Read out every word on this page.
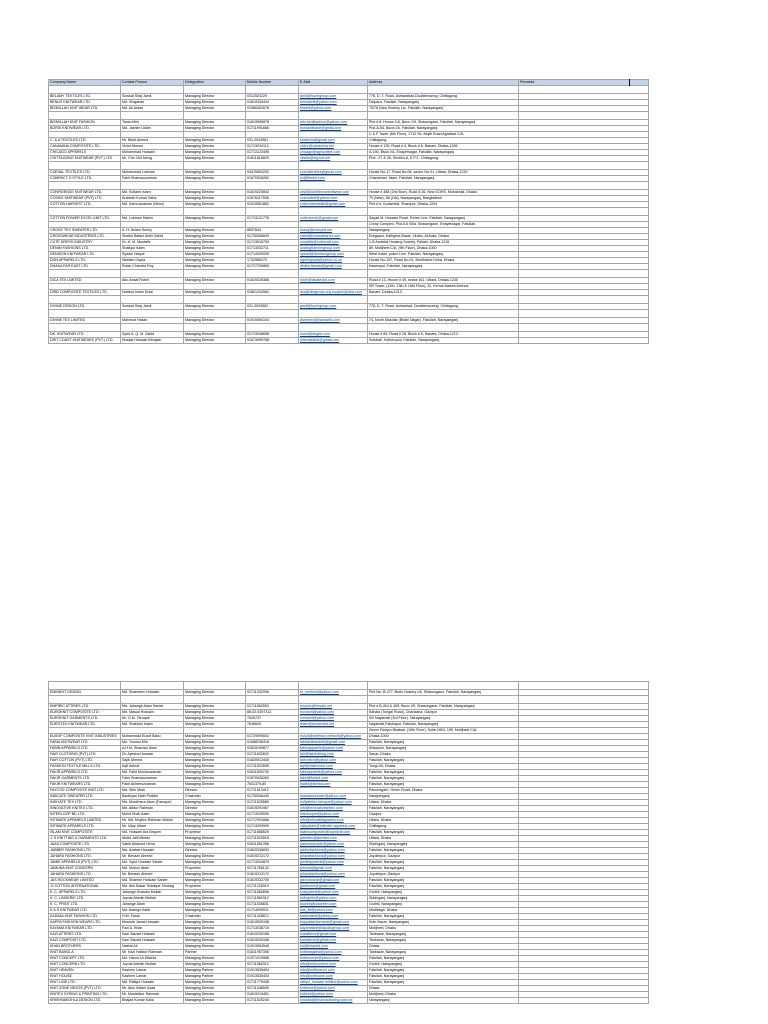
Company Name	Contact Person	Designation	Mobile Number	E-Mail	Address	Remarks

BELAMY TEXTILES LTD.	Sowkat Siraj Jamil	Managing Director	0312524229	jamil@fourhgroup.com	778, D. T. Road, Ashtarabad,Doublemoring, Chittagong.	
BENUS KNITWEAR LTD.	Md. Shajahan	Managing Director	01819334444	benusknit@yahoo.com	Delpara, Fatullah, Narayanganj	
BISMILLAH KNIT WEAR LTD.	Md. Ali Akbar	Managing Director	01966402678	bkwltd@yahoo.com	75/76 Dara Hosiery Lts. Fatullah, Narayanganj.	

BISMILLAH KNIT FASHION	Tania Afrin	Managing Director	01819906878	info.bknitfashion@yahoo.com	Plot # 8, House 5-8, Boco 1/9, Shasongaon, Fatullah, Narayanganj	
BORIS KNITWEAR LTD.	Md. Jashim Uddin	Managing Director	01711991666	borisknitwear@gmail.com	Plot-A-64, Bscic I/A, Fatullah, Narayanganj.	
					C & F Tower (6th Floor), 1712 Sk. Mujib Road Agrabad C/A,	
C. & A TEXTILES LTD.	Mr. Belal Ahmed	Managing Director	031-2510961	shatexbd@gmail.com	Chittagong	
CANAMINA COMPOSITE LTD.	Victor Monno	Managing Director	01713034112	victor@canamina.net	House # 135, Road # 4, Block # 6, Banani, Dhaka-1206	
CHICAGO APPARELS	Mohammad Hossain	Managing Director	01713123495	chicago@agnionline.com	A-190, Bscic I/A, Enayetnagar, Fatullah, Narayanganj.	
CHITTAGONG KNITWEAR (PVT.) LTD.	Mr. Che Chit Meng	Managing Director	01811815829	ckwltd@ctg.bol.net	Plot: -27 & 28, Section-6, E.P.Z, Chittagong.	

COEVAL TEXTILES LTD.	Mohammad Lokman	Managing Director	04476800202	coevaltextiles@gmail.com	House No-17, Road No-06, sector No-01, Uttara, Dhaka-1230	
COMPACT O STYLE LTD.	Fakir Shamsuzzaman	Managing Director	01670926262	fcl@fkmbd.com	Chandmari, Islam, Fatullah, Narayanganj	

CONFIDENCE KNITWEAR LTD.	Md. Kollanh Islam	Managing Director	01819220842	ckwl@confidenceknitwear.com	House # 488 (2nd floor), Road # 26, New DOHS, Mohakhali, Dhaka	
COSMO KNITWEAR (PVT) LTD.	Arabesh Kumar Saha	Managing Director	01676117936	cosmoknit@yahoo.com	70 (New), 58 (Old), Narayanganj, Bangladesh	
COTTON HARVEST LTD.	Md. Kamruzzaman (Milon)	Managing Director	01915551862	cottonharvestltd@gmail.com	Plot # 6, Kodamtoli, Shampur, Dhaka-1204	

COTTON POWER EXCEL KNIT LTD.	Md. Lokman Hakim	Managing Director	01713131776	cottonexcel@gmail.com	Sayad M. Hossain Road, Police Line, Fatullah, Narayanganj.	
					Crony Complex, Plot-5,6 Killa, Shasongaon, Enayetnagar, Fatullah,	
CRONY TEX SWEATER LTD.	A. H. Aslam Sunny	Managing Director	8837844	sunny@cronybd.net	Narayanganj	
CROSSWEAR INDUSTRIES LTD.	Sheikh Bablul Akter Zahid	Managing Director	01730056699	zahid@crosswearbd.com	Durgapur, Kathgora Bazar, Zirabo, Ashulia, Dhaka	
CUTE DRESS INDUSTRY	Dr. H. M. Mustafiz	Managing Director	01713016790	mustafiz@cutecraft.com	1-B Amtaloil Housing Society, Pallabi, Dhaka-1216	
DENIM FASHIONS LTD.	Shafiqul Islam	Managing Director	01713032711	shafiq@denimgroup.com	89, Motijheel C/A, (9th Floor), Dhaka-1000	
DENISON KNITWEAR LTD.	Syedul Haque	Managing Director	01714009009	syedul@denisongroup.com	West Isdair, police Line, Fatullah, Narayanganj.	
DGN APPARELS LTD.	Neelam Gupta	Managing Director	1732585470	dgnkhgupta@yahoo.co.uk	House No-157, Road No-01, Bordhdara Doha, Dhaka	
DHAKA FAR EAST LTD.	Robin Chandra Roy	Managing Director	01727239865	dhaka.fareast@gmail.com	Kasempur, Fatullah, Narayanganj	

DICA TEX LIMITED	Abu Ansaf Rubel	Managing Director	01819316388	rubel@dicatexbd.com	Road # 13, House # 49, sector #11, Uttara, Dhaka-1230	
					SR Tower, (12th, 13th & 16th Floor), 32, Kemal Ataturk Avenue,	
DIRD COMPOSITE TEXTILES LTD.	Nobinul Islam Dulal	Managing Director	01801234562	dcd@dirdgroup.org.conjohn@dird.com	Banani, Dhaka-1213	

DIVINE DESIGN LTD.	Sowkat Siraj Jamil	Managing Director	031-2520962	jamil@fourhgroup.com	778, D. T. Road, Ashtarbad, Doublemooring, Chittagong.	

DIVINE TEX LIMITED	Mahmud Hasan	Managing Director	01915494104	divinetex@bandahb.com	74, North Masdair (Bhabi Nagar), Fatullah, Narayanganj	

DK. KNITWEAR LTD.	Syed A. Q. M. Zahid	Managing Director	01713048658	zahid@dkgbd.com	House # 83, Road # 28, Block # K, Banani, Dhaka-1213	
DRIT COAST KNITWEARS (PVT.) LTD.	Khadat Hossain Bhuiyan	Managing Director	01674999768	dritcoastknit@gmail.com	Kutubail, Ketherpool, Fatullah, Narayanganj.	

EMINENT DESIGN	Md. Shameem Hossain	Managing Director	01711332096	m_eminent@yahoo.com	Plot No- B-477, Bscic Hosiery I/A, Shasongaon, Fatullah, Narayanganj	

EMPIRIC ATTIRES LTD.	Md. Jahangir Alam Sarder	Managing Director	01711562553	empiric@bbsatu.net	Plot # B-404 & 405, Bscic I/S, Shasongaon, Fatullah, Narayanganj.	
EUROKNIT COMPOSITE LTD.	Md. Masud Hossain	Managing Director	88-02-9257312	euroknit@yahoo.com	Kahala (Tongal Road), Chandana, Gazipur	
EUROKNIT GARMENTS LTD.	Mr. G.M. Taruque	Managing Director	7640737	euroknit@yahoo.com	9/2 Nayamati (3rd Floor), Narayanganj	
EUROTEX KNITWEAR LTD.	Md. Shahidul Islam	Managing Director	7646605	islam@eurotexbd.net	Nayamati,Fatullapur, Fatullah, Narayanganj	
					Seven Rahym Bhaban, (10th Floor), Suite-1804, 195, Motijheel C/A,	
EUSOF COMPOSITE KNIT INDUSTRIES	Mohammad Eusof Babu	Managing Director	01729099602	eusof@interface.network@yahoo.com	Dhaka-1000	
FABIA KNITWEAR LTD.	Md. Younus Mia	Managing Director	01688296416	fabiaknitwearltd@gmail.com	Fatullah, Narayanganj	
FABIN APPARELS LTD.	A.H.M. Shamsul Alam	Managing Director	01815199877	fabinapparels@yahoo.com	Killarpool, Narayanganj	
FAIR CLOTHING (PVT) LTD.	Dr. Ayesha Hossain	Managing Director	01711632602	fair@fairclothing.com	Savar, Dhaka	
FAIR COTTON (PVT) LTD.	Sajib Ahmed	Managing Director	01820512440	faircotton@yahoo.com	Fatullah, Narayanganj	
FASHION TEXTILE MILLS LTD.	Aqif Ashraf	Managing Director	01711523595	aqif@fashionbd.com	Tongi I/A, Dhaka	
FAKIR APPARELS LTD.	Md. Fakir Moniruzzaman	Managing Director	01611509739	fakirapparels@yahoo.com	Fatullah, Narayanganj	
FAKIR GARMENTS LTD.	Fakir Shamsuzzaman	Managing Director	01670926262	fakir@fkmbd.com	Fatullah, Narayanganj	
FAKIR KNITWEARS LTD.	Fakir Akhteruzzaman	Managing Director	7641379-80	fkwltd@fkmbd.com	Fatullah, Narayanganj	
FAYCOD COMPOSITE KNIT LTD.	Md. Sihir Miah	Director	01711513412		Panchagarh, Green Road, Dhaka	
INDICATE SWEATER LTD.	Baidhyan Nath Podder	Chairman	01730006440	indicatesweater@yahoo.com	Narayanganj	
INDIYATE TEX LTD.	Md. Mosleheur Alam (Faruque)	Managing Director	01711525580	indiyatetex.faruque@yahoo.com	Uttara, Dhaka	
INNOVATIVE KNITEX LTD.	Md. Abdur Rahman	Director	01819291967	info@innovativeknitex.com	Fatullah, Narayanganj	
INTERLOOP BD LTD.	Mohd Shah Alam	Managing Director	01713035090	interloopbd@yahoo.com	Gazipur	
INTIMATE APPARELS LIMITED	Mr. Md. Mojibur Rahman Mollah	Managing Director	01717091666	info@intimateapparels.com	Uttara, Dhaka	
INTIMATE APPARELS LTD.	Mr. Vijay Uttam	Managing Director	01713209999	vijayuttam@intimate-apparels.com	Chittagong	
ISLAM KNIT COMPOSITE	Md. Hossain Ara Begum	Proprietor	01711668529	islamcomposite@islamknit.com	Fatullah, Narayanganj	
J. S KNITTING & GARMENTS LTD.	Abdul Jalil Mintoo	Managing Director	01711523918	jsknittex@jsknitbd.com	Uttara, Dhaka	
JAAS COMPOSITE LTD.	Sakib Ahamed Hena	Managing Director	01611591356	jaascomposite@yahoo.com	Siddirganj, Narayanganj	
JABBER FASHIONS LTD.	Md. Azahar Hossain	Director	01843336633	jabberfashions@yahoo.com	Fatullah, Narayanganj	
JAHARA FASHIONS LTD.	Mr. Benazir Ahmed	Managing Director	01819213172	jaharafashions@yahoo.com	Joydebpur, Gazipur	
JAMIE APPARELS (PVT) LTD.	Md. Syed Hossain Sarker	Managing Director	01713034879	jamieapparels@yahoo.com	Fatullah, Narayanganj	
JAMUNA KNIT CONCERN	Md. Moinul Islam	Proprietor	01711765132	jamuna@gmail.com	Fatullah, Narayanganj	
JAHARA FASHIONS LTD.	Mr. Benazir Ahmed	Managing Director	01819213172	jaharafashions@yahoo.com	Joydebpur, Gazipur	
JAS ROCKWEAR LIMITED	Md. Shamim Hossain Sarker	Managing Director	01819332750	jasrockwear@gmail.com	Fatullah, Narayanganj	
JJ COTTON INTERNATIONAL	Md. Abu Bakar Siddique Shohag	Proprietor	01711225319	jjcottonint@gmail.com	Fatullah, Narayanganj	
K. C. APPARELS LTD.	Jahangir Hossain Mollah	Managing Director	01711560898	kcapparels@yahoo.com	Godnil, Narayanganj	
K. C. LINGERIE LTD.	Joynal Abedin Mollah	Managing Director	01711560312	kclingerie@yahoo.com	Siddirganj, Narayanganj	
K. C. PRINT LTD.	Jahangir Alam	Managing Director	01711538831	kcprint@kcscreen.com	Godnil, Narayanganj	
K.A.S KNITWEAR LTD.	Md. Alamgir Kabir	Managing Director	01714009911	kas_ltd@yahoo.com	Mirdibagh, Dhaka	
KADIMA KNIT FASHION LTD.	H.M. Faruk	Chairman	01711328872	kadimaknit@yahoo.com	Fatullah, Narayanganj	
KAPPA FASHION WEARS LTD.	Mostofa Jamal Hossain	Managing Director	01819509158	kappafashionwear@gmail.com	Kutir Bazar, Narayanganj	
KAYAMA KNITWEAR LTD.	Fazl A. Khan	Managing Director	01713038715	kayamaknit@lapollogroup.com	Motijheel, Dhaka	
KAZI ATTIRES LTD.	Kazi Saizad Hossain	Managing Director	01819209158	kaziattires@gmail.com	Tanbazar, Narayanganj	
KAZI COMPOSIT LTD.	Kazi Saizad Hossain	Managing Director	01819209158	kaziattires@gmail.com	Tanbazar, Narayanganj	
KHAN BROTHERS	Nasrat Ali	Managing Director	01913054548	knt@khanbd.com	Dhaka	
KNIT BANGLA	Mr. Kazi Hafizur Rahman	Partner	01611957398	knitbanglabd@yahoo.com	Tanbazar, Narayanganj	
KNIT CONCEPT LTD.	Md. Harun-Ur-Rashid	Managing Director	01971019986	knitconcept@yahoo.com	Fatullah, Narayanganj	
KNIT CONCERN LTD.	Joynal Abedin Mollah	Managing Director	01711560312	info@knitconcern.com	Godnil, Narayanganj	
KNIT HEAVEN	Kashem Lamar	Managing Partner	01913535404	info@knitheaven.com	Fatullah, Narayanganj	
KNIT HOUSE	Kashem Lamar	Managing Partner	01913535404	info@knithouse.com	Fatullah, Narayanganj	
KNIT LINE LTD.	Md. Rafiqul Hossain	Managing Director	01711779438	rafiqul_hossain.knitline@yahoo.com	Fatullah, Narayanganj	
KNIT ZONE NEXOS (PVT) LTD.	Mr. Abul Kalam Azad	Managing Director	01711346595	knitzone@yahoo.com	Dhaka	
KNITEX DYEING & PRINTING LTD.	Mr. Mustafizur Rahman	Managing Director	01819219451	knitexd@yahoo.com	Motijheel, Dhaka	
KRISHNAKOHLA DESIGN LTD.	Bhajan Kumar Kalia	Managing Director	01711525245	knoaha@krishnaclearing.com.bd	Narayanganj	
